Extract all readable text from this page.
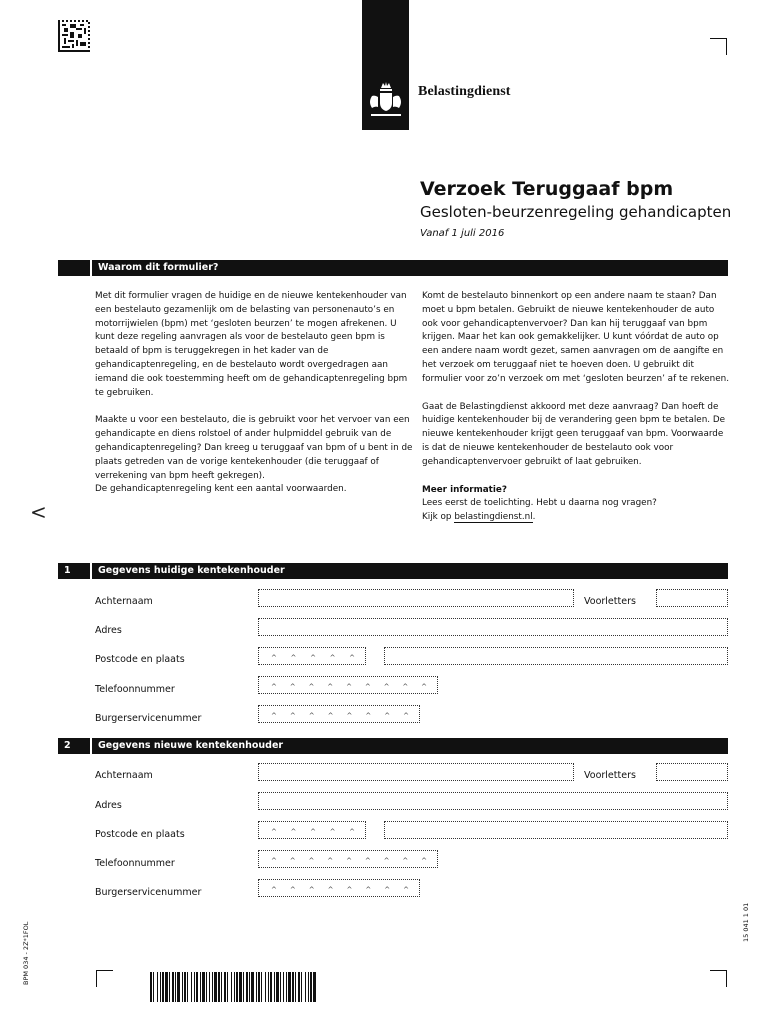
Belastingdienst
<
Verzoek Teruggaaf bpm
Gesloten-beurzenregeling gehandicapten
Vanaf 1 juli 2016
Waarom dit formulier?

Met dit formulier vragen de huidige en de nieuwe kentekenhouder van een bestelauto gezamenlijk om de belasting van personenauto’s en motorrijwielen (bpm) met ‘gesloten beurzen’ te mogen afrekenen. U kunt deze regeling aanvragen als voor de bestelauto geen bpm is betaald of bpm is teruggekregen in het kader van de gehandicaptenregeling, en de bestelauto wordt overgedragen aan iemand die ook toestemming heeft om de gehandicaptenregeling bpm te gebruiken.

Maakte u voor een bestelauto, die is gebruikt voor het vervoer van een gehandicapte en diens rolstoel of ander hulpmiddel gebruik van de gehandicaptenregeling? Dan kreeg u teruggaaf van bpm of u bent in de plaats getreden van de vorige kentekenhouder (die teruggaaf of verrekening van bpm heeft gekregen).

De gehandicaptenregeling kent een aantal voorwaarden.

Komt de bestelauto binnenkort op een andere naam te staan? Dan moet u bpm betalen. Gebruikt de nieuwe kentekenhouder de auto ook voor gehandicaptenvervoer? Dan kan hij teruggaaf van bpm krijgen. Maar het kan ook gemakkelijker. U kunt vóórdat de auto op een andere naam wordt gezet, samen aanvragen om de aangifte en het verzoek om teruggaaf niet te hoeven doen. U gebruikt dit formulier voor zo’n verzoek om met ‘gesloten beurzen’ af te rekenen.

Gaat de Belastingdienst akkoord met deze aanvraag? Dan hoeft de huidige kentekenhouder bij de verandering geen bpm te betalen. De nieuwe kentekenhouder krijgt geen teruggaaf van bpm. Voorwaarde is dat de nieuwe kentekenhouder de bestelauto ook voor gehandicaptenvervoer gebruikt of laat gebruiken.

Meer informatie?
Lees eerst de toelichting. Hebt u daarna nog vragen?
Kijk op belastingdienst.nl.
1	Gegevens huidige kentekenhouder
Achternaam	Voorletters
Adres
Postcode en plaats	^ ^ ^ ^ ^
Telefoonnummer	^ ^ ^ ^ ^ ^ ^ ^ ^
Burgerservicenummer	^ ^ ^ ^ ^ ^ ^ ^
2	Gegevens nieuwe kentekenhouder
Achternaam	Voorletters
Adres
Postcode en plaats	^ ^ ^ ^ ^
Telefoonnummer	^ ^ ^ ^ ^ ^ ^ ^ ^
Burgerservicenummer	^ ^ ^ ^ ^ ^ ^ ^
BPM 034 - 2Z*1FOL	15 041 1 01
